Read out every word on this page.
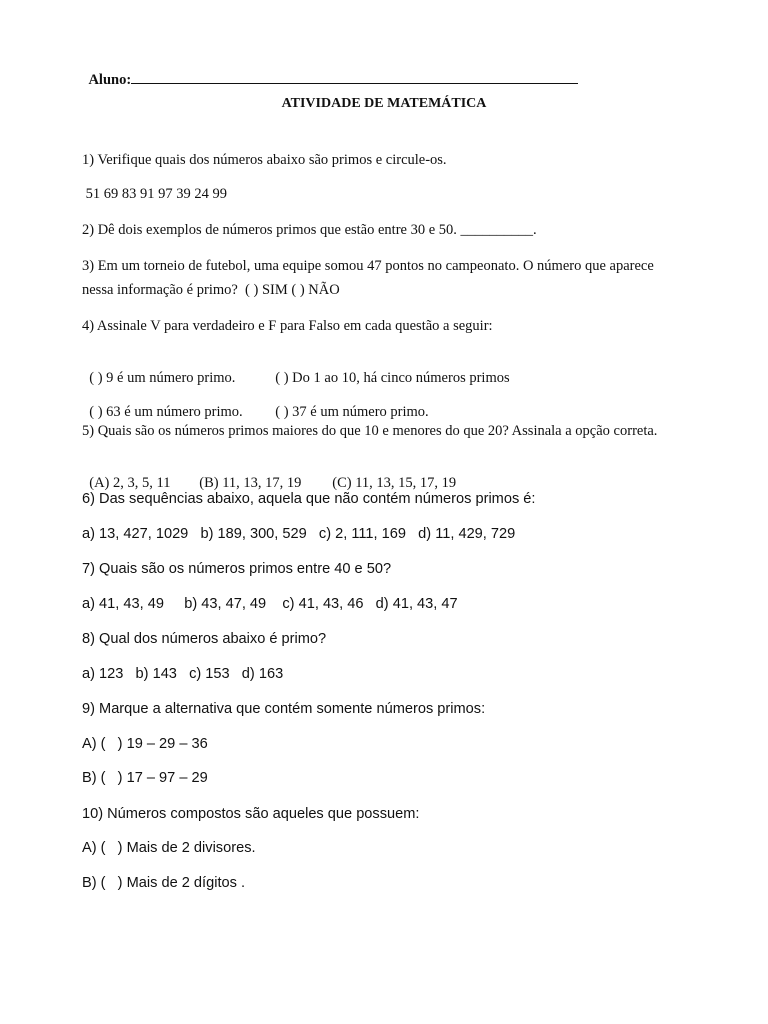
Aluno:

ATIVIDADE DE MATEMÁTICA
1) Verifique quais dos números abaixo são primos e circule-os.
51 69 83 91 97 39 24 99
2) Dê dois exemplos de números primos que estão entre 30 e 50. __________.
3) Em um torneio de futebol, uma equipe somou 47 pontos no campeonato. O número que aparece
nessa informação é primo?  ( ) SIM ( ) NÃO
4) Assinale V para verdadeiro e F para Falso em cada questão a seguir:

( ) 9 é um número primo.	( ) Do 1 ao 10, há cinco números primos

( ) 63 é um número primo. ( ) 37 é um número primo.

5) Quais são os números primos maiores do que 10 e menores do que 20? Assinala a opção correta.

(A) 2, 3, 5, 11 (B) 11, 13, 17, 19 (C) 11, 13, 15, 17, 19

6) Das sequências abaixo, aquela que não contém números primos é:
a) 13, 427, 1029   b) 189, 300, 529   c) 2, 111, 169   d) 11, 429, 729
7) Quais são os números primos entre 40 e 50?
a) 41, 43, 49     b) 43, 47, 49    c) 41, 43, 46   d) 41, 43, 47
8) Qual dos números abaixo é primo?
a) 123   b) 143   c) 153   d) 163
9) Marque a alternativa que contém somente números primos:
A) (   ) 19 – 29 – 36
B) (   ) 17 – 97 – 29
10) Números compostos são aqueles que possuem:
A) (   ) Mais de 2 divisores.
B) (   ) Mais de 2 dígitos .
